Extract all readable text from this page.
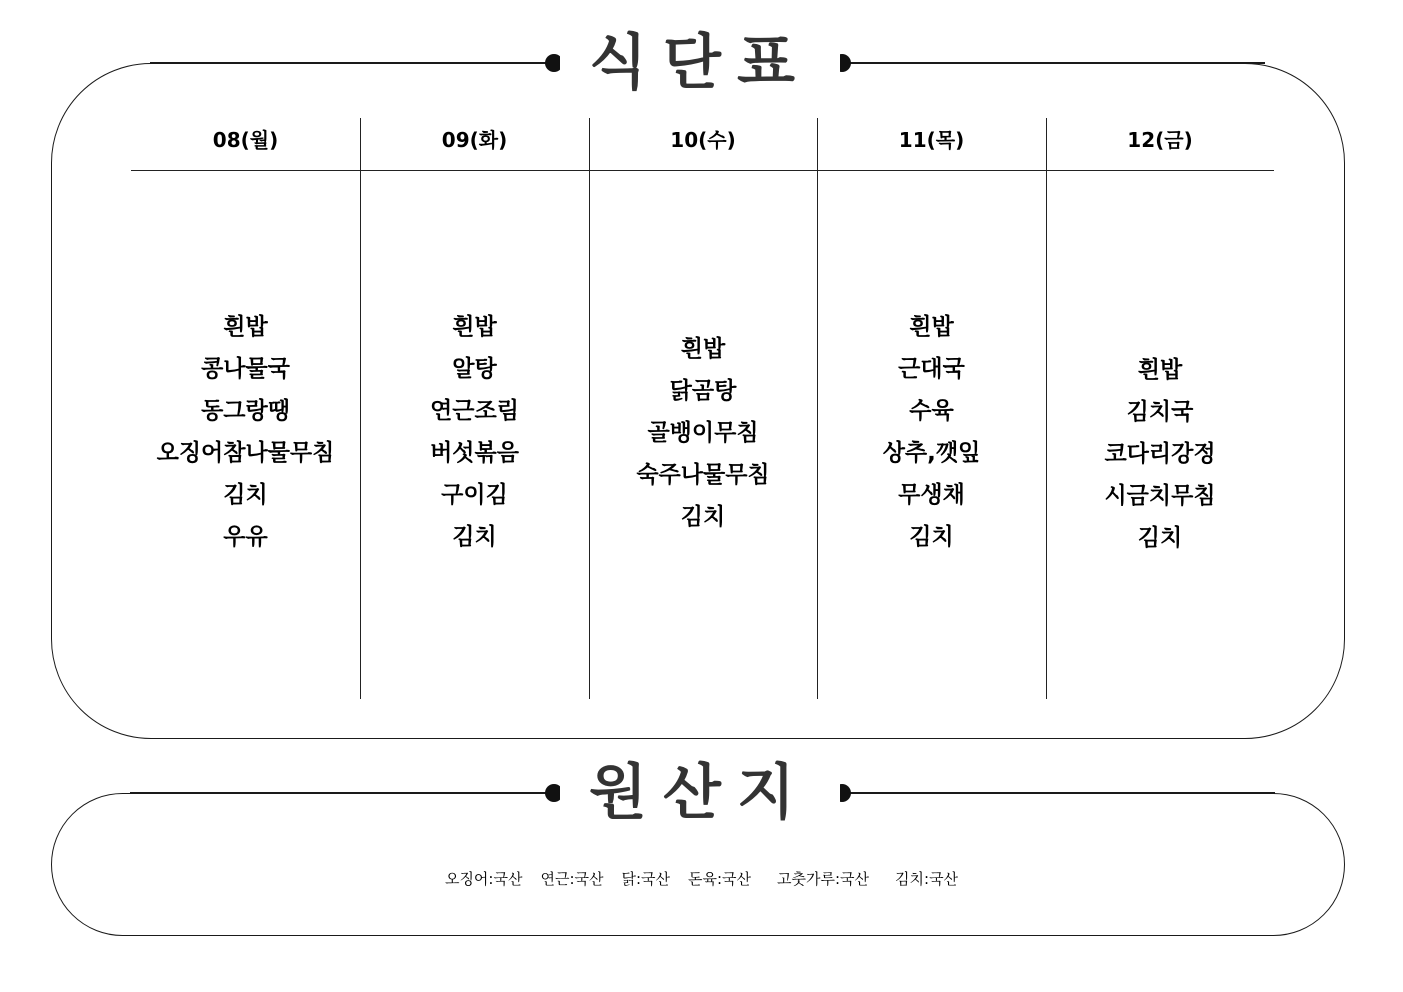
식단표
08(월)
흰밥
콩나물국
동그랑땡
오징어참나물무침
김치
우유
09(화)
흰밥
알탕
연근조림
버섯볶음
구이김
김치
10(수)
흰밥
닭곰탕
골뱅이무침
숙주나물무침
김치
11(목)
흰밥
근대국
수육
상추,깻잎
무생채
김치
12(금)
흰밥
김치국
코다리강정
시금치무침
김치
원산지
오징어:국산 연근:국산 닭:국산 돈육:국산 고춧가루:국산 김치:국산
